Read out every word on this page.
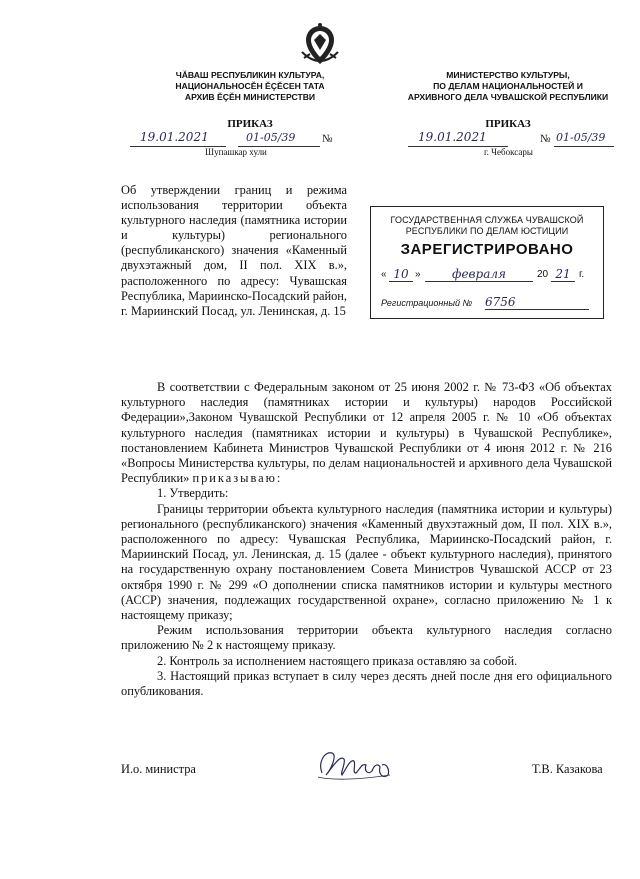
ЧĂВАШ РЕСПУБЛИКИН КУЛЬТУРА,
НАЦИОНАЛЬНОСĔН ĔÇĔСЕН ТАТА
АРХИВ ĔÇĔН МИНИСТЕРСТВИ
ПРИКАЗ
19.01.2021	01-05/39 №
Шупашкар хули
МИНИСТЕРСТВО КУЛЬТУРЫ,
ПО ДЕЛАМ НАЦИОНАЛЬНОСТЕЙ И
АРХИВНОГО ДЕЛА ЧУВАШСКОЙ РЕСПУБЛИКИ
ПРИКАЗ
19.01.2021	№ 01-05/39
г. Чебоксары

Об утверждении границ и режима использования территории объекта культурного наследия (памятника истории и культуры) регионального (республиканского) значения «Каменный двухэтажный дом, II пол. XIX в.», расположенного по адресу: Чувашская Республика, Мариинско-Посадский район, г. Мариинский Посад, ул. Ленинская, д. 15

ГОСУДАРСТВЕННАЯ СЛУЖБА ЧУВАШСКОЙ
РЕСПУБЛИКИ ПО ДЕЛАМ ЮСТИЦИИ
ЗАРЕГИСТРИРОВАНО
« 10 »	февраля	20 21 г.
Регистрационный № 6756

В соответствии с Федеральным законом от 25 июня 2002 г. № 73-ФЗ «Об объектах культурного наследия (памятниках истории и культуры) народов Российской Федерации»,Законом Чувашской Республики от 12 апреля 2005 г. № 10 «Об объектах культурного наследия (памятниках истории и культуры) в Чувашской Республике», постановлением Кабинета Министров Чувашской Республики от 4 июня 2012 г. № 216 «Вопросы Министерства культуры, по делам национальностей и архивного дела Чувашской Республики» приказываю:

1. Утвердить:

Границы территории объекта культурного наследия (памятника истории и культуры) регионального (республиканского) значения «Каменный двухэтажный дом, II пол. XIX в.», расположенного по адресу: Чувашская Республика, Мариинско-Посадский район, г. Мариинский Посад, ул. Ленинская, д. 15 (далее - объект культурного наследия), принятого на государственную охрану постановлением Совета Министров Чувашской АССР от 23 октября 1990 г. № 299 «О дополнении списка памятников истории и культуры местного (АССР) значения, подлежащих государственной охране», согласно приложению № 1 к настоящему приказу;

Режим использования территории объекта культурного наследия согласно приложению № 2 к настоящему приказу.

2. Контроль за исполнением настоящего приказа оставляю за собой.

3. Настоящий приказ вступает в силу через десять дней после дня его официального опубликования.

И.о. министра	Т.В. Казакова
